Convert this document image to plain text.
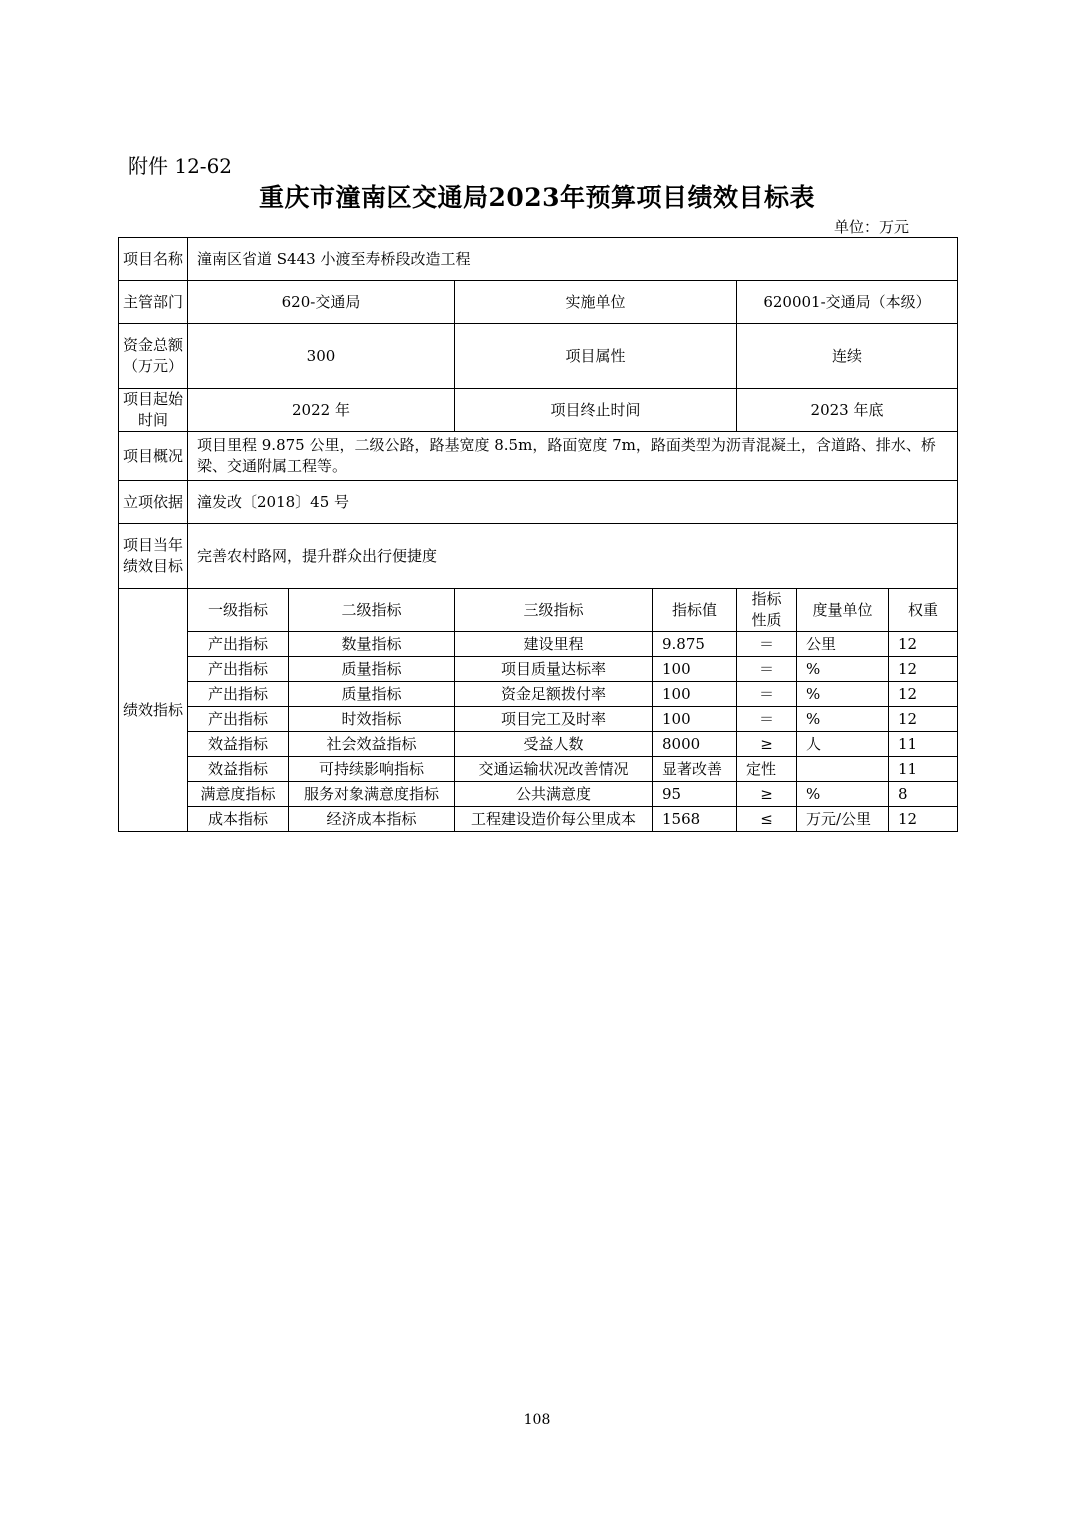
附件 12-62
重庆市潼南区交通局2023年预算项目绩效目标表
单位：万元
项目名称	潼南区省道 S443 小渡至寿桥段改造工程						
主管部门	620-交通局		实施单位		620001-交通局（本级）		
资金总额（万元）	300		项目属性		连续		
项目起始时间	2022 年		项目终止时间		2023 年底		
项目概况	项目里程 9.875 公里，二级公路，路基宽度 8.5m，路面宽度 7m，路面类型为沥青混凝土，含道路、排水、桥梁、交通附属工程等。						
立项依据	潼发改〔2018〕45 号						
项目当年绩效目标	完善农村路网，提升群众出行便捷度						
绩效指标	一级指标	二级指标	三级指标	指标值	指标性质	度量单位	权重
	产出指标	数量指标	建设里程	9.875	＝	公里	12
	产出指标	质量指标	项目质量达标率	100	＝	%	12
	产出指标	质量指标	资金足额拨付率	100	＝	%	12
	产出指标	时效指标	项目完工及时率	100	＝	%	12
	效益指标	社会效益指标	受益人数	8000	≥	人	11
	效益指标	可持续影响指标	交通运输状况改善情况	显著改善	定性		11
	满意度指标	服务对象满意度指标	公共满意度	95	≥	%	8
	成本指标	经济成本指标	工程建设造价每公里成本	1568	≤	万元/公里	12
108
